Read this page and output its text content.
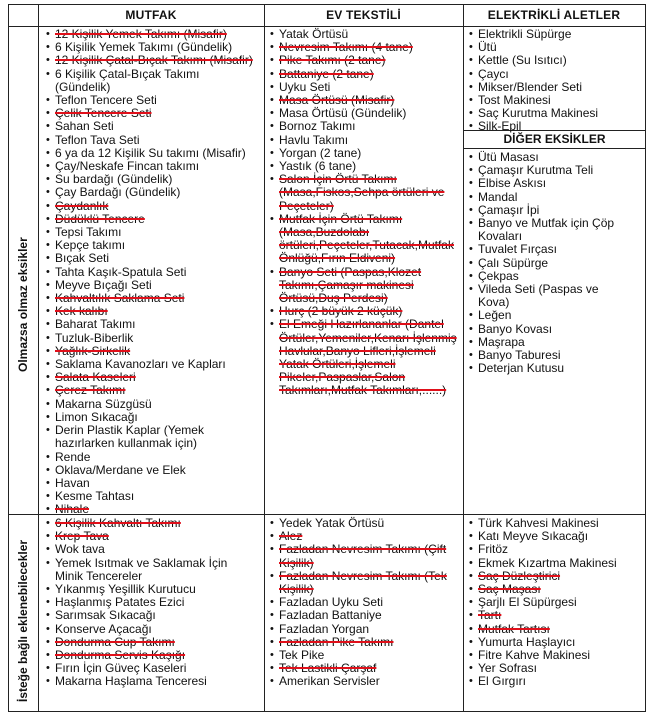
MUTFAK	EV TEKSTİLİ	ELEKTRİKLİ ALETLER
DİĞER EKSİKLER
Olmazsa olmaz eksikler
İsteğe bağlı eklenebilecekler
• 12 Kişilik Yemek Takımı (Misafir)
• 6 Kişilik Yemek Takımı (Gündelik)
• 12 Kişilik Çatal-Bıçak Takımı (Misafir)
• 6 Kişilik Çatal-Bıçak Takımı
(Gündelik)
• Teflon Tencere Seti
• Çelik Tencere Seti
• Sahan Seti
• Teflon Tava Seti
• 6 ya da 12 Kişilik Su takımı (Misafir)
• Çay/Neskafe Fincan takımı
• Su bardağı (Gündelik)
• Çay Bardağı (Gündelik)
• Çaydanlık
• Düdüklü Tencere
• Tepsi Takımı
• Kepçe takımı
• Bıçak Seti
• Tahta Kaşık-Spatula Seti
• Meyve Bıçağı Seti
• Kahvaltılık Saklama Seti
• Kek kalıbı
• Baharat Takımı
• Tuzluk-Biberlik
• Yağlık-Sirkelik
• Saklama Kavanozları ve Kapları
• Salata Kaseleri
• Çerez Takımı
• Makarna Süzgüsü
• Limon Sıkacağı
• Derin Plastik Kaplar (Yemek
hazırlarken kullanmak için)
• Rende
• Oklava/Merdane ve Elek
• Havan
• Kesme Tahtası
• Nihale
• Yatak Örtüsü
• Nevresim Takımı (4 tane)
• Pike Takımı (2 tane)
• Battaniye (2 tane)
• Uyku Seti
• Masa Örtüsü (Misafir)
• Masa Örtüsü (Gündelik)
• Bornoz Takımı
• Havlu Takımı
• Yorgan (2 tane)
• Yastık (6 tane)
• Salon İçin Örtü Takımı
(Masa,Fiskos,Sehpa örtüleri ve
Peçeteler)
• Mutfak İçin Örtü Takımı
(Masa,Buzdolabı
örtüleri,Peçeteler,Tutacak,Mutfak
Önlüğü,Fırın Eldiveni)
• Banyo Seti (Paspas,Klozet
Takımı,Çamaşır makinesi
Örtüsü,Duş Perdesi)
• Hurç (2 büyük 2 küçük)
• El Emeği Hazırlananlar (Dantel
Örtüler,Yemeniler,Kenarı İşlenmiş
Havlular,Banyo Lifleri,İşlemeli
Yatak Örtüleri,İşlemeli
Pikeler,Paspaslar,Salon
Takımları,Mutfak Takımları,......)
• Elektrikli Süpürge
• Ütü
• Kettle (Su Isıtıcı)
• Çaycı
• Mikser/Blender Seti
• Tost Makinesi
• Saç Kurutma Makinesi
• Silk-Epil
• Ütü Masası
• Çamaşır Kurutma Teli
• Elbise Askısı
• Mandal
• Çamaşır İpi
• Banyo ve Mutfak için Çöp
Kovaları
• Tuvalet Fırçası
• Çalı Süpürge
• Çekpas
• Vileda Seti (Paspas ve
Kova)
• Leğen
• Banyo Kovası
• Maşrapa
• Banyo Taburesi
• Deterjan Kutusu
• 6 Kişilik Kahvaltı Takımı
• Krep Tava
• Wok tava
• Yemek Isıtmak ve Saklamak İçin
Minik Tencereler
• Yıkanmış Yeşillik Kurutucu
• Haşlanmış Patates Ezici
• Sarımsak Sıkacağı
• Konserve Açacağı
• Dondurma Cup Takımı
• Dondurma Servis Kaşığı
• Fırın İçin Güveç Kaseleri
• Makarna Haşlama Tenceresi
• Yedek Yatak Örtüsü
• Alez
• Fazladan Nevresim Takımı (Çift
Kişilik)
• Fazladan Nevresim Takımı (Tek
Kişilik)
• Fazladan Uyku Seti
• Fazladan Battaniye
• Fazladan Yorgan
• Fazladan Pike Takımı
• Tek Pike
• Tek Lastikli Çarşaf
• Amerikan Servisler
• Türk Kahvesi Makinesi
• Katı Meyve Sıkacağı
• Fritöz
• Ekmek Kızartma Makinesi
• Saç Düzleştirici
• Saç Maşası
• Şarjlı El Süpürgesi
• Tartı
• Mutfak Tartısı
• Yumurta Haşlayıcı
• Fitre Kahve Makinesi
• Yer Sofrası
• El Gırgırı
